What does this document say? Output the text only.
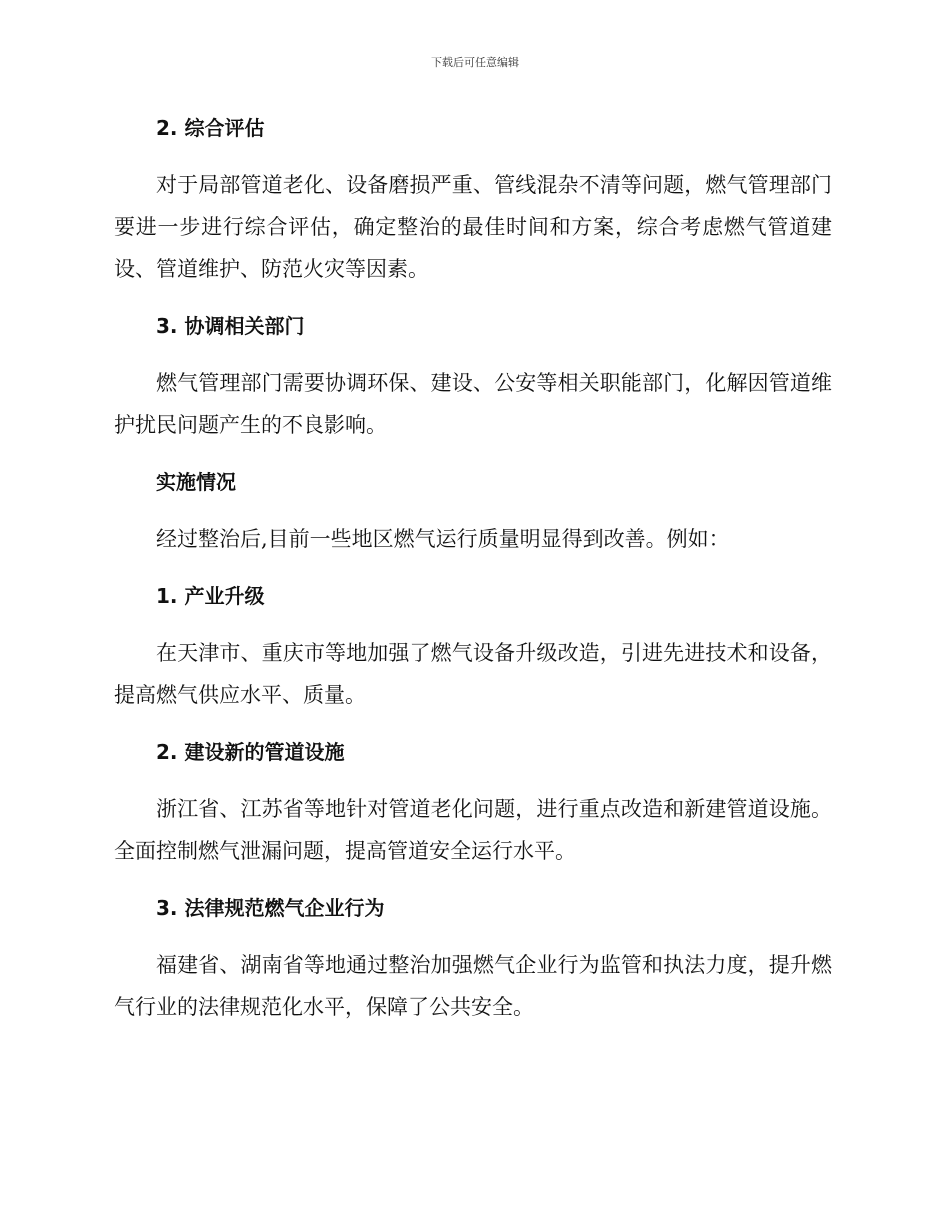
下载后可任意编辑
2. 综合评估
对于局部管道老化、设备磨损严重、管线混杂不清等问题，燃气管理部门要进一步进行综合评估，确定整治的最佳时间和方案，综合考虑燃气管道建设、管道维护、防范火灾等因素。
3. 协调相关部门
燃气管理部门需要协调环保、建设、公安等相关职能部门，化解因管道维护扰民问题产生的不良影响。
实施情况
经过整治后,目前一些地区燃气运行质量明显得到改善。例如：
1. 产业升级
在天津市、重庆市等地加强了燃气设备升级改造，引进先进技术和设备，提高燃气供应水平、质量。
2. 建设新的管道设施
浙江省、江苏省等地针对管道老化问题，进行重点改造和新建管道设施。全面控制燃气泄漏问题，提高管道安全运行水平。
3. 法律规范燃气企业行为
福建省、湖南省等地通过整治加强燃气企业行为监管和执法力度，提升燃气行业的法律规范化水平，保障了公共安全。
